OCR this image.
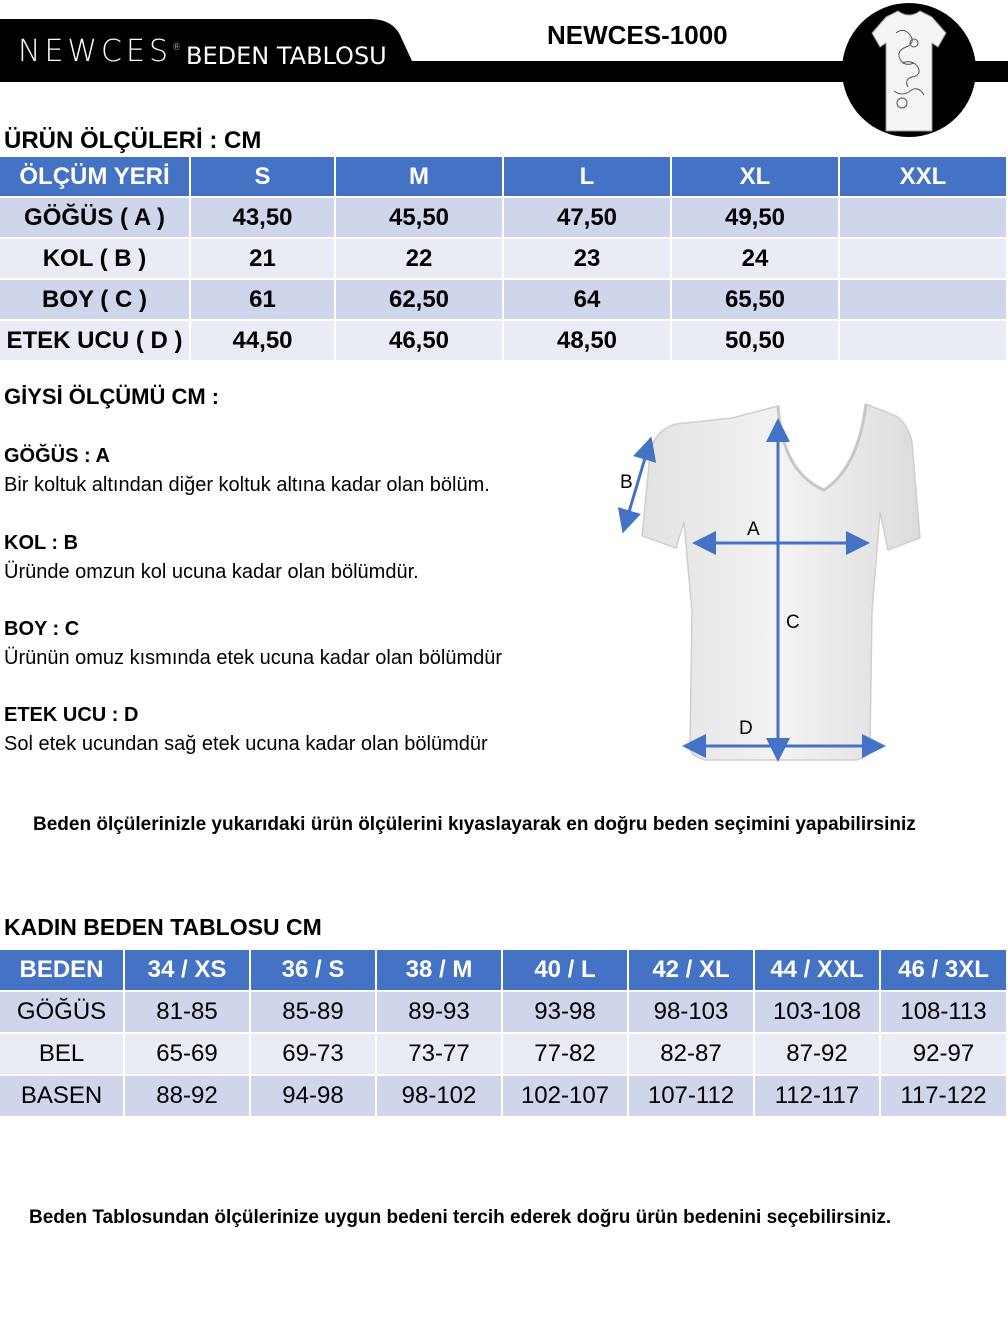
NEWCES® BEDEN TABLOSU
NEWCES-1000
ÜRÜN ÖLÇÜLERİ : CM
ÖLÇÜM YERİ	S	M	L	XL	XXL
GÖĞÜS ( A )	43,50	45,50	47,50	49,50	
KOL ( B )	21	22	23	24	
BOY ( C )	61	62,50	64	65,50	
ETEK UCU ( D )	44,50	46,50	48,50	50,50	
GİYSİ ÖLÇÜMÜ CM :
GÖĞÜS : A
Bir koltuk altından diğer koltuk altına kadar olan bölüm.
KOL : B
Üründe omzun kol ucuna kadar olan bölümdür.
BOY : C
Ürünün omuz kısmında etek ucuna kadar olan bölümdür
ETEK UCU : D
Sol etek ucundan sağ etek ucuna kadar olan bölümdür
A
B
C
D
Beden ölçülerinizle yukarıdaki ürün ölçülerini kıyaslayarak en doğru beden seçimini yapabilirsiniz
KADIN BEDEN TABLOSU CM
BEDEN	34 / XS	36 / S	38 / M	40 / L	42 / XL	44 / XXL	46 / 3XL
GÖĞÜS	81-85	85-89	89-93	93-98	98-103	103-108	108-113
BEL	65-69	69-73	73-77	77-82	82-87	87-92	92-97
BASEN	88-92	94-98	98-102	102-107	107-112	112-117	117-122
Beden Tablosundan ölçülerinize uygun bedeni tercih ederek doğru ürün bedenini seçebilirsiniz.
